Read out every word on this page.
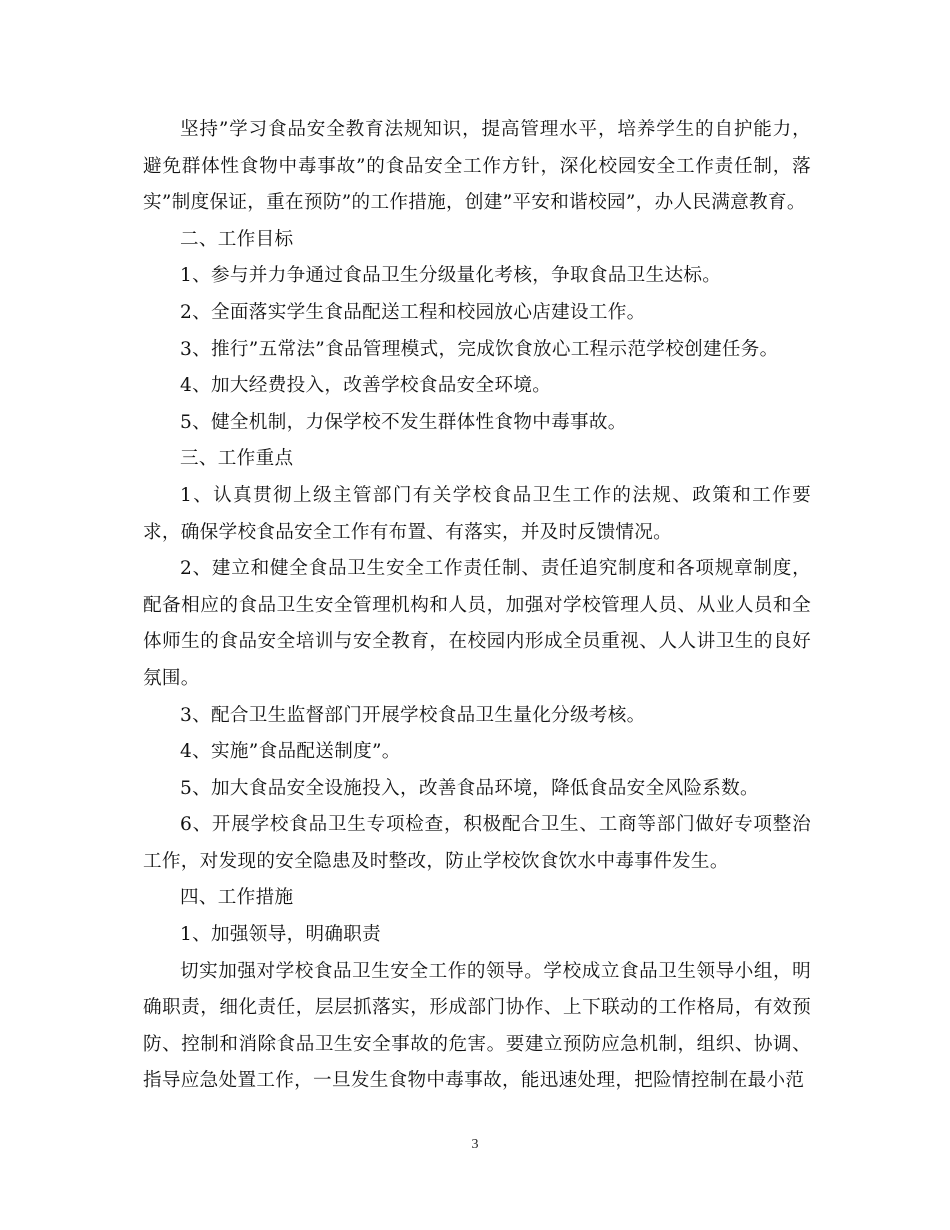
坚持”学习食品安全教育法规知识，提高管理水平，培养学生的自护能力，避免群体性食物中毒事故”的食品安全工作方针，深化校园安全工作责任制，落实”制度保证，重在预防”的工作措施，创建”平安和谐校园”，办人民满意教育。

二、工作目标

1、参与并力争通过食品卫生分级量化考核，争取食品卫生达标。

2、全面落实学生食品配送工程和校园放心店建设工作。

3、推行”五常法”食品管理模式，完成饮食放心工程示范学校创建任务。

4、加大经费投入，改善学校食品安全环境。

5、健全机制，力保学校不发生群体性食物中毒事故。

三、工作重点

1、认真贯彻上级主管部门有关学校食品卫生工作的法规、政策和工作要求，确保学校食品安全工作有布置、有落实，并及时反馈情况。

2、建立和健全食品卫生安全工作责任制、责任追究制度和各项规章制度，配备相应的食品卫生安全管理机构和人员，加强对学校管理人员、从业人员和全体师生的食品安全培训与安全教育，在校园内形成全员重视、人人讲卫生的良好氛围。

3、配合卫生监督部门开展学校食品卫生量化分级考核。

4、实施”食品配送制度”。

5、加大食品安全设施投入，改善食品环境，降低食品安全风险系数。

6、开展学校食品卫生专项检查，积极配合卫生、工商等部门做好专项整治工作，对发现的安全隐患及时整改，防止学校饮食饮水中毒事件发生。

四、工作措施

1、加强领导，明确职责

切实加强对学校食品卫生安全工作的领导。学校成立食品卫生领导小组，明确职责，细化责任，层层抓落实，形成部门协作、上下联动的工作格局，有效预防、控制和消除食品卫生安全事故的危害。要建立预防应急机制，组织、协调、指导应急处置工作，一旦发生食物中毒事故，能迅速处理，把险情控制在最小范

3
